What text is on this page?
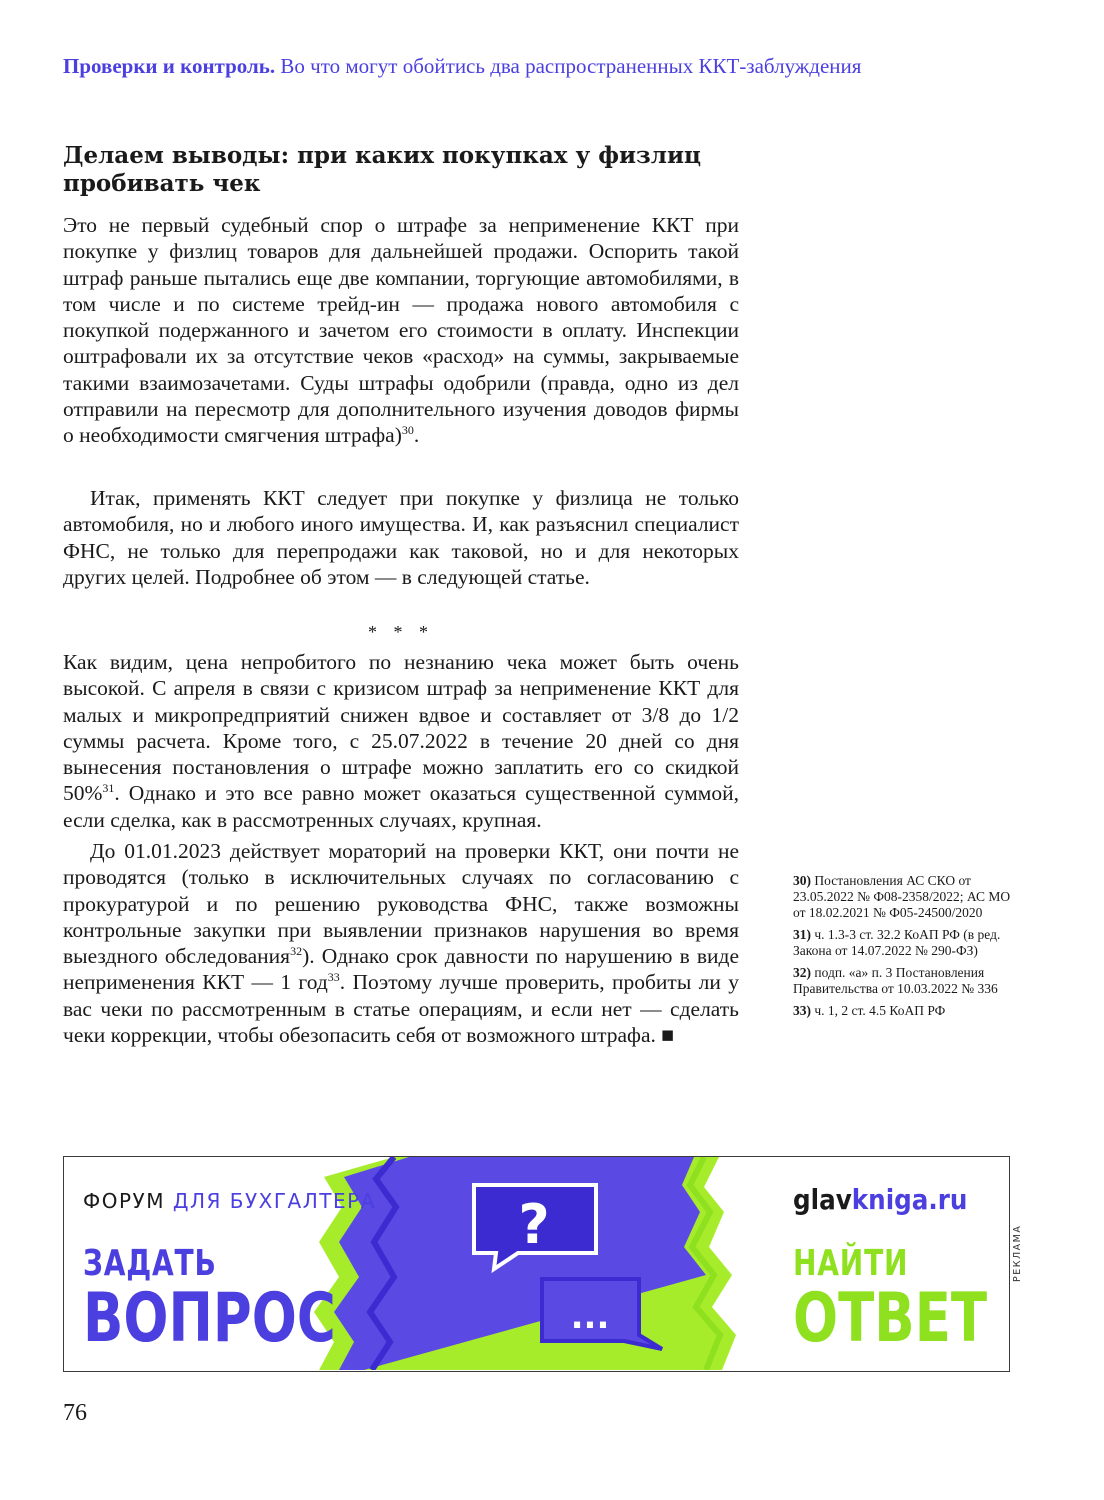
Проверки и контроль. Во что могут обойтись два распространенных ККТ-заблуждения
Делаем выводы: при каких покупках у физлиц пробивать чек

Это не первый судебный спор о штрафе за неприменение ККТ при покупке у физлиц товаров для дальнейшей продажи. Оспорить такой штраф раньше пытались еще две компании, торгующие автомобилями, в том числе и по системе трейд-ин — продажа нового автомобиля с покупкой подержанного и зачетом его стоимости в оплату. Инспекции оштрафовали их за отсутствие чеков «расход» на суммы, закрываемые такими взаимозачетами. Суды штрафы одобрили (правда, одно из дел отправили на пересмотр для дополнительного изучения доводов фирмы о необходимости смягчения штрафа)$^{30}$.

Итак, применять ККТ следует при покупке у физлица не только автомобиля, но и любого иного имущества. И, как разъяснил специалист ФНС, не только для перепродажи как таковой, но и для некоторых других целей. Подробнее об этом — в следующей статье.

* * *

Как видим, цена непробитого по незнанию чека может быть очень высокой. С апреля в связи с кризисом штраф за неприменение ККТ для малых и микропредприятий снижен вдвое и составляет от 3/8 до 1/2 суммы расчета. Кроме того, с 25.07.2022 в течение 20 дней со дня вынесения постановления о штрафе можно заплатить его со скидкой 50%$^{31}$. Однако и это все равно может оказаться существенной суммой, если сделка, как в рассмотренных случаях, крупная.

До 01.01.2023 действует мораторий на проверки ККТ, они почти не проводятся (только в исключительных случаях по согласованию с прокуратурой и по решению руководства ФНС, также возможны контрольные закупки при выявлении признаков нарушения во время выездного обследования$^{32}$). Однако срок давности по нарушению в виде неприменения ККТ — 1 год$^{33}$. Поэтому лучше проверить, пробиты ли у вас чеки по рассмотренным в статье операциям, и если нет — сделать чеки коррекции, чтобы обезопасить себя от возможного штрафа. ■

30) Постановления АС СКО от 23.05.2022 № Ф08-2358/2022; АС МО от 18.02.2021 № Ф05-24500/2020
31) ч. 1.3-3 ст. 32.2 КоАП РФ (в ред. Закона от 14.07.2022 № 290-ФЗ)
32) подп. «а» п. 3 Постановления Правительства от 10.03.2022 № 336
33) ч. 1, 2 ст. 4.5 КоАП РФ
?
...
ФОРУМ ДЛЯ БУХГАЛТЕРА
ЗАДАТЬ
ВОПРОС
glavkniga.ru
НАЙТИ
ОТВЕТ
РЕКЛАМА
76
